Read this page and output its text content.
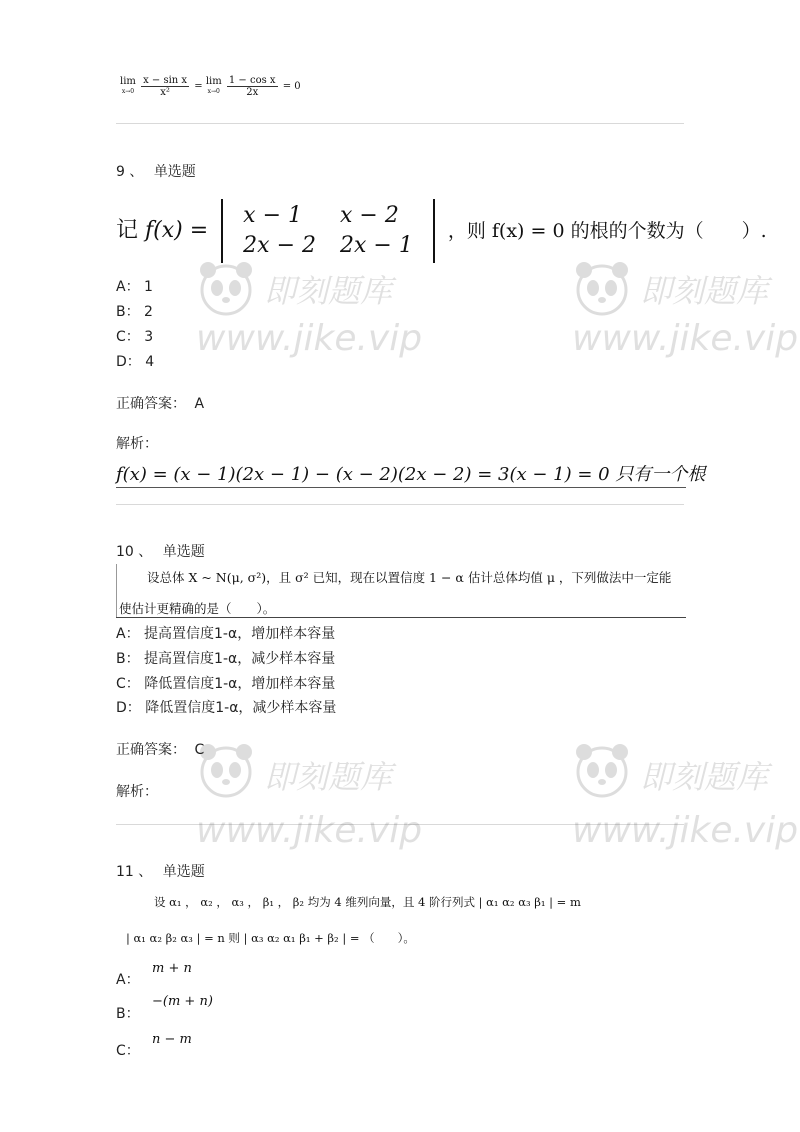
lim
x→0
$\frac{\text{x − sin x}}{\text{x²}} = \lim$
x→0
$\frac{\text{1 − cos x}}{2x} = 0$
9 、 单选题
记 f(x) =
x − 1	x − 2
2x − 2	2x − 1
，则 f(x) = 0 的根的个数为（　　）.
A： 1
B： 2
C： 3
D： 4
正确答案： A
解析：
f(x) = (x − 1)(2x − 1) − (x − 2)(2x − 2) = 3(x − 1) = 0 只有一个根
10 、 单选题
设总体 X ~ N(μ, σ²)，且 σ² 已知，现在以置信度 1 − α 估计总体均值 μ ，下列做法中一定能
使估计更精确的是（　　）。
A： 提高置信度1-α，增加样本容量
B： 提高置信度1-α，减少样本容量
C： 降低置信度1-α，增加样本容量
D： 降低置信度1-α，减少样本容量
正确答案： C
解析：
11 、 单选题
设 α₁ ， α₂ ， α₃ ， β₁ ， β₂ 均为 4 维列向量，且 4 阶行列式 | α₁ α₂ α₃ β₁ | = m
| α₁ α₂ β₂ α₃ | = n 则 | α₃ α₂ α₁ β₁ + β₂ | = （　　）。
A：
m + n
B：
−(m + n)
C：
n − m
即刻题库
www.jike.vip
即刻题库
www.jike.vip
即刻题库
www.jike.vip
即刻题库
www.jike.vip
